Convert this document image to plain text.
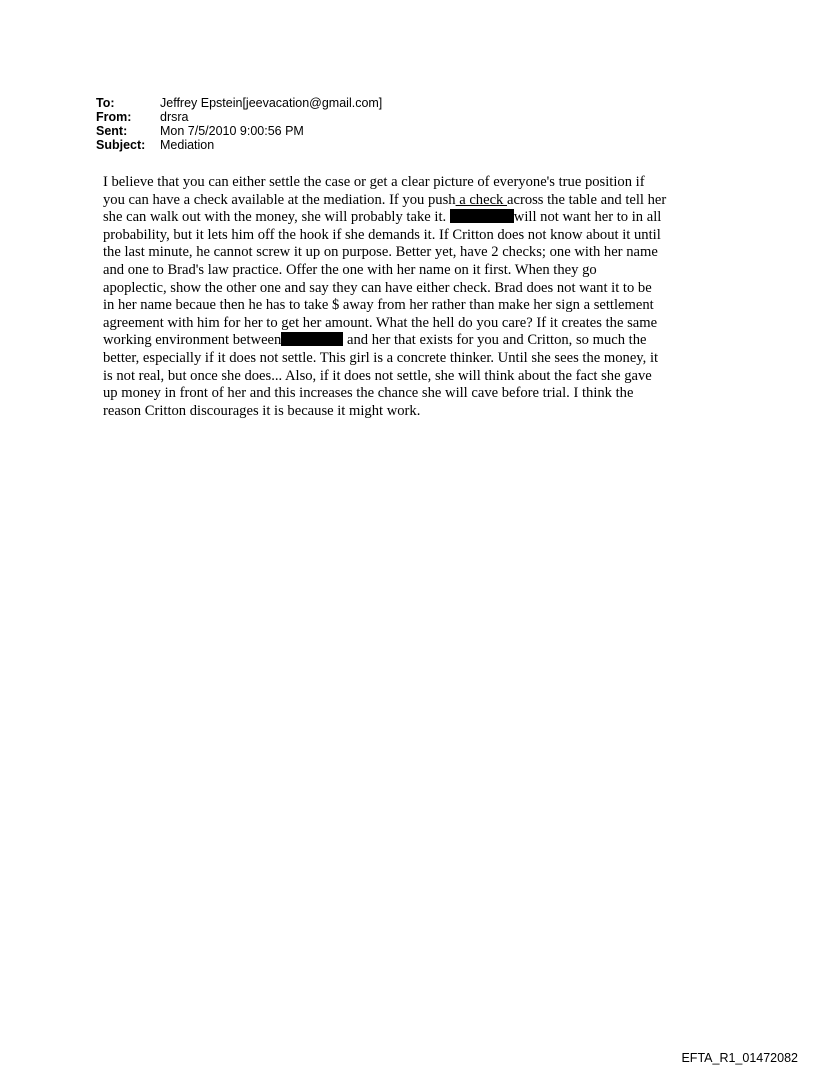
To:	Jeffrey Epstein[jeevacation@gmail.com]
From:	drsra
Sent:	Mon 7/5/2010 9:00:56 PM
Subject:	Mediation
I believe that you can either settle the case or get a clear picture of everyone's true position if
you can have a check available at the mediation. If you push a check across the table and tell her
she can walk out with the money, she will probably take it.	will not want her to in all
probability, but it lets him off the hook if she demands it. If Critton does not know about it until
the last minute, he cannot screw it up on purpose. Better yet, have 2 checks; one with her name
and one to Brad's law practice. Offer the one with her name on it first. When they go
apoplectic, show the other one and say they can have either check. Brad does not want it to be
in her name becaue then he has to take $ away from her rather than make her sign a settlement
agreement with him for her to get her amount. What the hell do you care? If it creates the same
working environment between	and her that exists for you and Critton, so much the
better, especially if it does not settle. This girl is a concrete thinker. Until she sees the money, it
is not real, but once she does... Also, if it does not settle, she will think about the fact she gave
up money in front of her and this increases the chance she will cave before trial. I think the
reason Critton discourages it is because it might work.
EFTA_R1_01472082
